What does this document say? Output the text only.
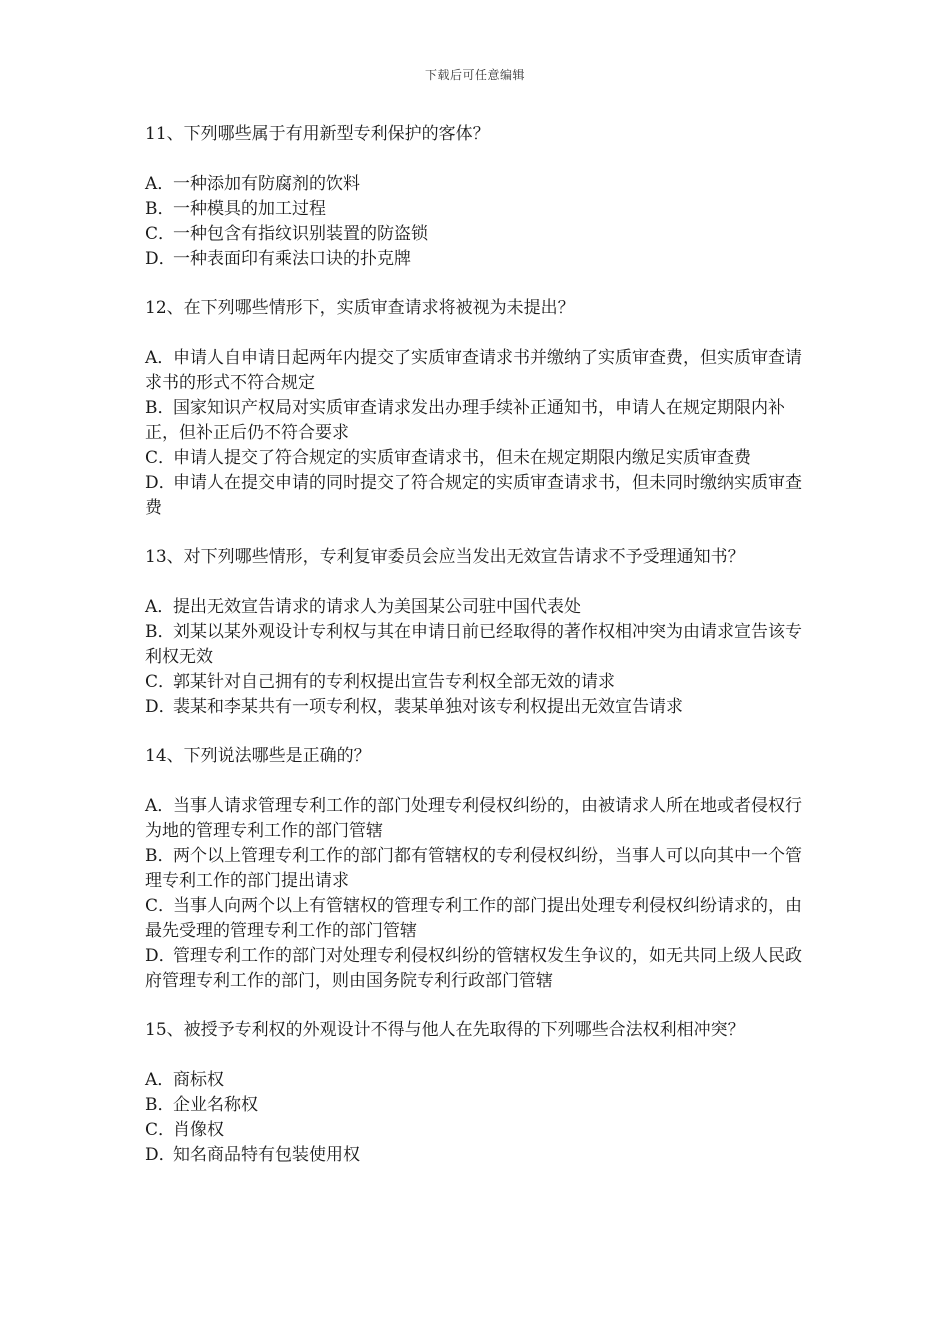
下载后可任意编辑

11、下列哪些属于有用新型专利保护的客体？

A．一种添加有防腐剂的饮料

B．一种模具的加工过程

C．一种包含有指纹识别装置的防盗锁

D．一种表面印有乘法口诀的扑克牌

12、在下列哪些情形下，实质审查请求将被视为未提出？

A．申请人自申请日起两年内提交了实质审查请求书并缴纳了实质审查费，但实质审查请求书的形式不符合规定

B．国家知识产权局对实质审查请求发出办理手续补正通知书，申请人在规定期限内补正，但补正后仍不符合要求

C．申请人提交了符合规定的实质审查请求书，但未在规定期限内缴足实质审查费

D．申请人在提交申请的同时提交了符合规定的实质审查请求书，但未同时缴纳实质审查费

13、对下列哪些情形，专利复审委员会应当发出无效宣告请求不予受理通知书？

A．提出无效宣告请求的请求人为美国某公司驻中国代表处

B．刘某以某外观设计专利权与其在申请日前已经取得的著作权相冲突为由请求宣告该专利权无效

C．郭某针对自己拥有的专利权提出宣告专利权全部无效的请求

D．裴某和李某共有一项专利权，裴某单独对该专利权提出无效宣告请求

14、下列说法哪些是正确的？

A．当事人请求管理专利工作的部门处理专利侵权纠纷的，由被请求人所在地或者侵权行为地的管理专利工作的部门管辖

B．两个以上管理专利工作的部门都有管辖权的专利侵权纠纷，当事人可以向其中一个管理专利工作的部门提出请求

C．当事人向两个以上有管辖权的管理专利工作的部门提出处理专利侵权纠纷请求的，由最先受理的管理专利工作的部门管辖

D．管理专利工作的部门对处理专利侵权纠纷的管辖权发生争议的，如无共同上级人民政府管理专利工作的部门，则由国务院专利行政部门管辖

15、被授予专利权的外观设计不得与他人在先取得的下列哪些合法权利相冲突？

A．商标权

B．企业名称权

C．肖像权

D．知名商品特有包装使用权
